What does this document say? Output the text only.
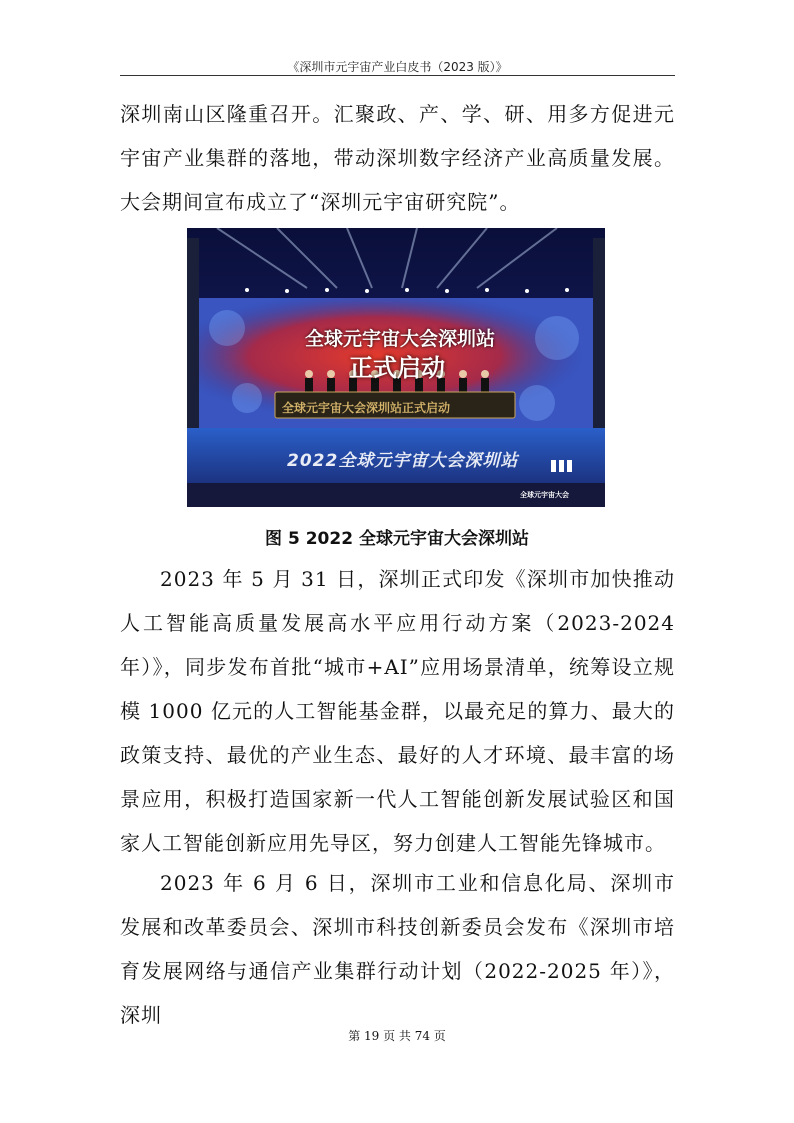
《深圳市元宇宙产业白皮书（2023 版）》

深圳南山区隆重召开。汇聚政、产、学、研、用多方促进元宇宙产业集群的落地，带动深圳数字经济产业高质量发展。大会期间宣布成立了“深圳元宇宙研究院”。

全球元宇宙大会深圳站
正式启动
全球元宇宙大会深圳站正式启动
2022全球元宇宙大会深圳站
全球元宇宙大会
图 5 2022 全球元宇宙大会深圳站

2023 年 5 月 31 日，深圳正式印发《深圳市加快推动人工智能高质量发展高水平应用行动方案（2023-2024 年）》，同步发布首批“城市+AI”应用场景清单，统筹设立规模 1000 亿元的人工智能基金群，以最充足的算力、最大的政策支持、最优的产业生态、最好的人才环境、最丰富的场景应用，积极打造国家新一代人工智能创新发展试验区和国家人工智能创新应用先导区，努力创建人工智能先锋城市。

2023 年 6 月 6 日，深圳市工业和信息化局、深圳市发展和改革委员会、深圳市科技创新委员会发布《深圳市培育发展网络与通信产业集群行动计划（2022-2025 年）》，深圳

第 19 页 共 74 页
